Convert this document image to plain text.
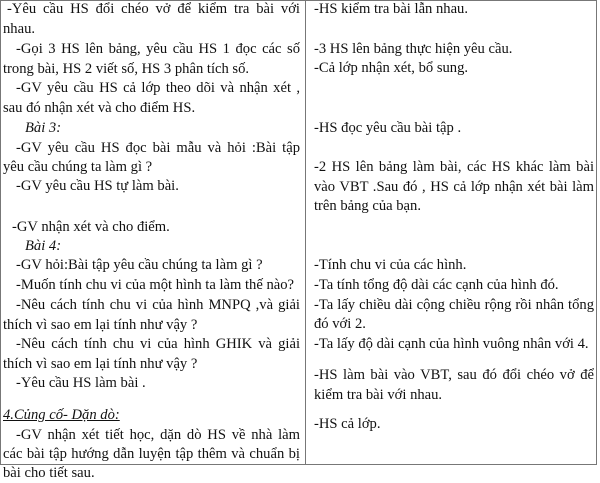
-Yêu cầu HS đổi chéo vở để kiểm tra bài với
nhau.
-Gọi 3 HS lên bảng, yêu cầu HS 1 đọc các số
trong bài, HS 2 viết số, HS 3 phân tích số.
-GV yêu cầu HS cả lớp theo dõi và nhận xét ,
sau đó nhận xét và cho điểm HS.
Bài 3:
-GV yêu cầu HS đọc bài mẫu và hỏi :Bài tập
yêu cầu chúng ta làm gì ?
-GV yêu cầu HS tự làm bài.
-GV nhận xét và cho điểm.
Bài 4:
-GV hỏi:Bài tập yêu cầu chúng ta làm gì ?
-Muốn tính chu vi của một hình ta làm thế nào?
-Nêu cách tính chu vi của hình MNPQ ,và giải
thích vì sao em lại tính như vậy ?
-Nêu cách tính chu vi của hình GHIK và giải
thích vì sao em lại tính như vậy ?
-Yêu cầu HS làm bài .
4.Củng cố- Dặn dò:
-GV nhận xét tiết học, dặn dò HS về nhà làm
các bài tập hướng dẫn luyện tập thêm và chuẩn bị
bài cho tiết sau.
-HS kiểm tra bài lẫn nhau.
-3 HS lên bảng thực hiện yêu cầu.
-Cả lớp nhận xét, bổ sung.
-HS đọc yêu cầu bài tập .
-2 HS lên bảng làm bài, các HS khác làm bài
vào VBT .Sau đó , HS cả lớp nhận xét bài làm
trên bảng của bạn.
-Tính chu vi của các hình.
-Ta tính tổng độ dài các cạnh của hình đó.
-Ta lấy chiều dài cộng chiều rộng rồi nhân tổng
đó với 2.
-Ta lấy độ dài cạnh của hình vuông nhân với 4.
-HS làm bài vào VBT, sau đó đổi chéo vở để
kiểm tra bài với nhau.
-HS cả lớp.
